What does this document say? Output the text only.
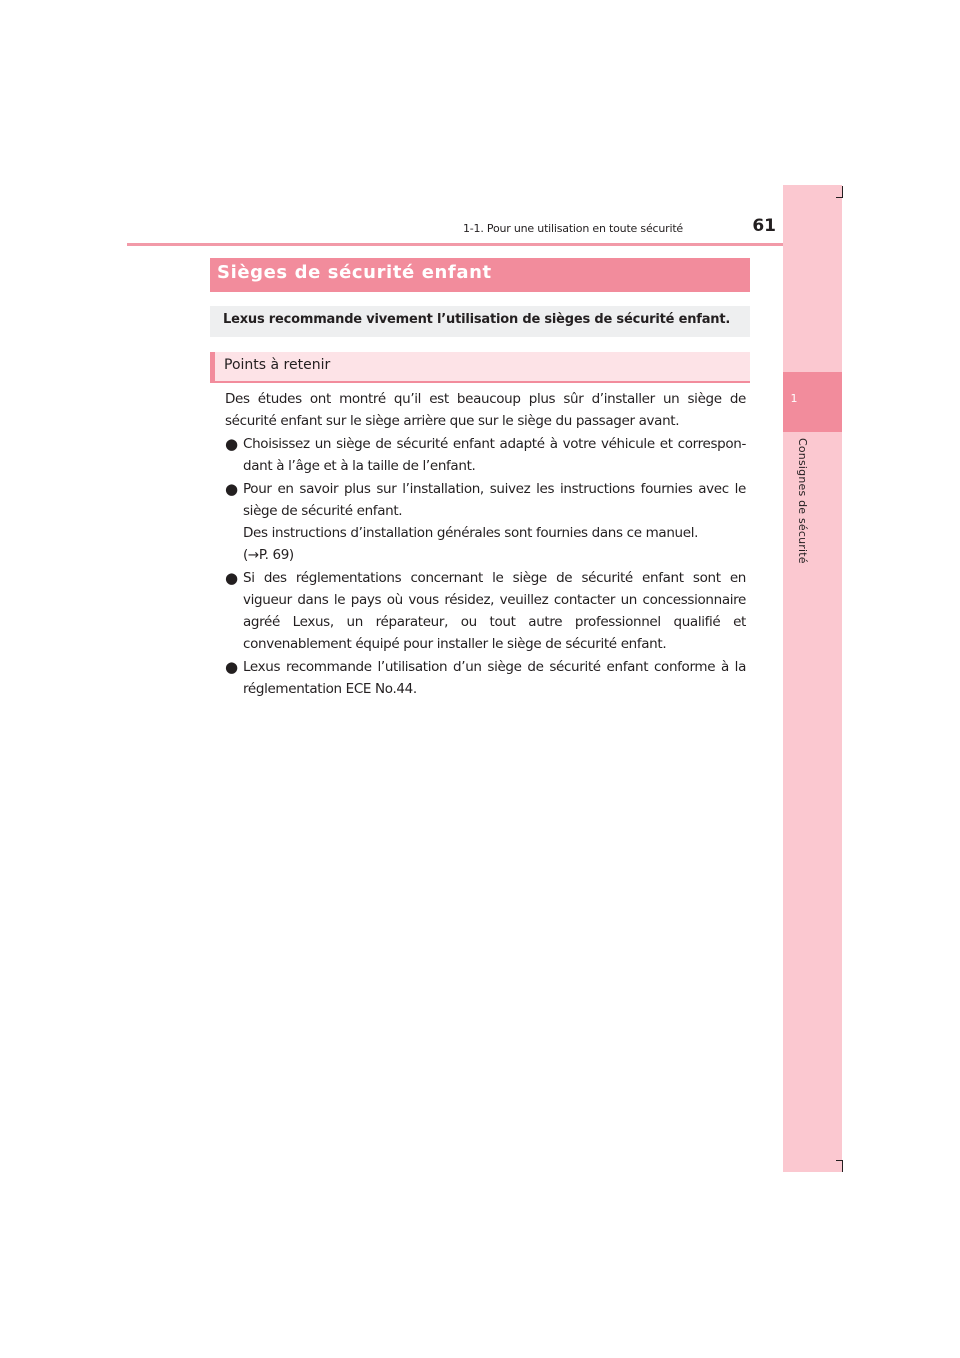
1-1. Pour une utilisation en toute sécurité	61
1
Consignes de sécurité
Sièges de sécurité enfant
Lexus recommande vivement l’utilisation de sièges de sécurité enfant.
Points à retenir
Des études ont montré qu’il est beaucoup plus sûr d’installer un siège de sécurité enfant sur le siège arrière que sur le siège du passager avant.
● Choisissez un siège de sécurité enfant adapté à votre véhicule et correspon- dant à l’âge et à la taille de l’enfant.
● Pour en savoir plus sur l’installation, suivez les instructions fournies avec le siège de sécurité enfant.
Des instructions d’installation générales sont fournies dans ce manuel.
(→P. 69)
● Si des réglementations concernant le siège de sécurité enfant sont en vigueur dans le pays où vous résidez, veuillez contacter un concessionnaire agréé Lexus, un réparateur, ou tout autre professionnel qualifié et convenablement équipé pour installer le siège de sécurité enfant.
● Lexus recommande l’utilisation d’un siège de sécurité enfant conforme à la réglementation ECE No.44.
